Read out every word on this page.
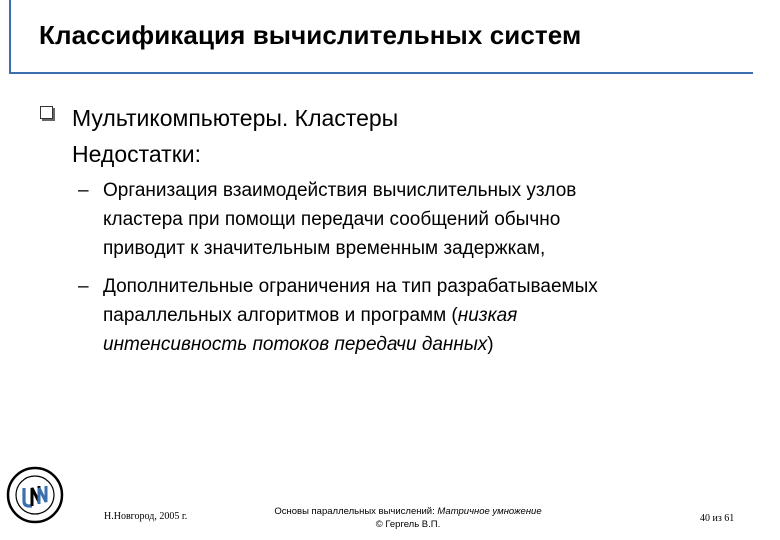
Классификация вычислительных систем
Мультикомпьютеры. Кластеры
Недостатки:
– Организация взаимодействия вычислительных узлов
кластера при помощи передачи сообщений обычно
приводит к значительным временным задержкам,
– Дополнительные ограничения на тип разрабатываемых
параллельных алгоритмов и программ (низкая
интенсивность потоков передачи данных)
Н.Новгород, 2005 г.	Основы параллельных вычислений: Матричное умножение
© Гергель В.П.
40 из 61
